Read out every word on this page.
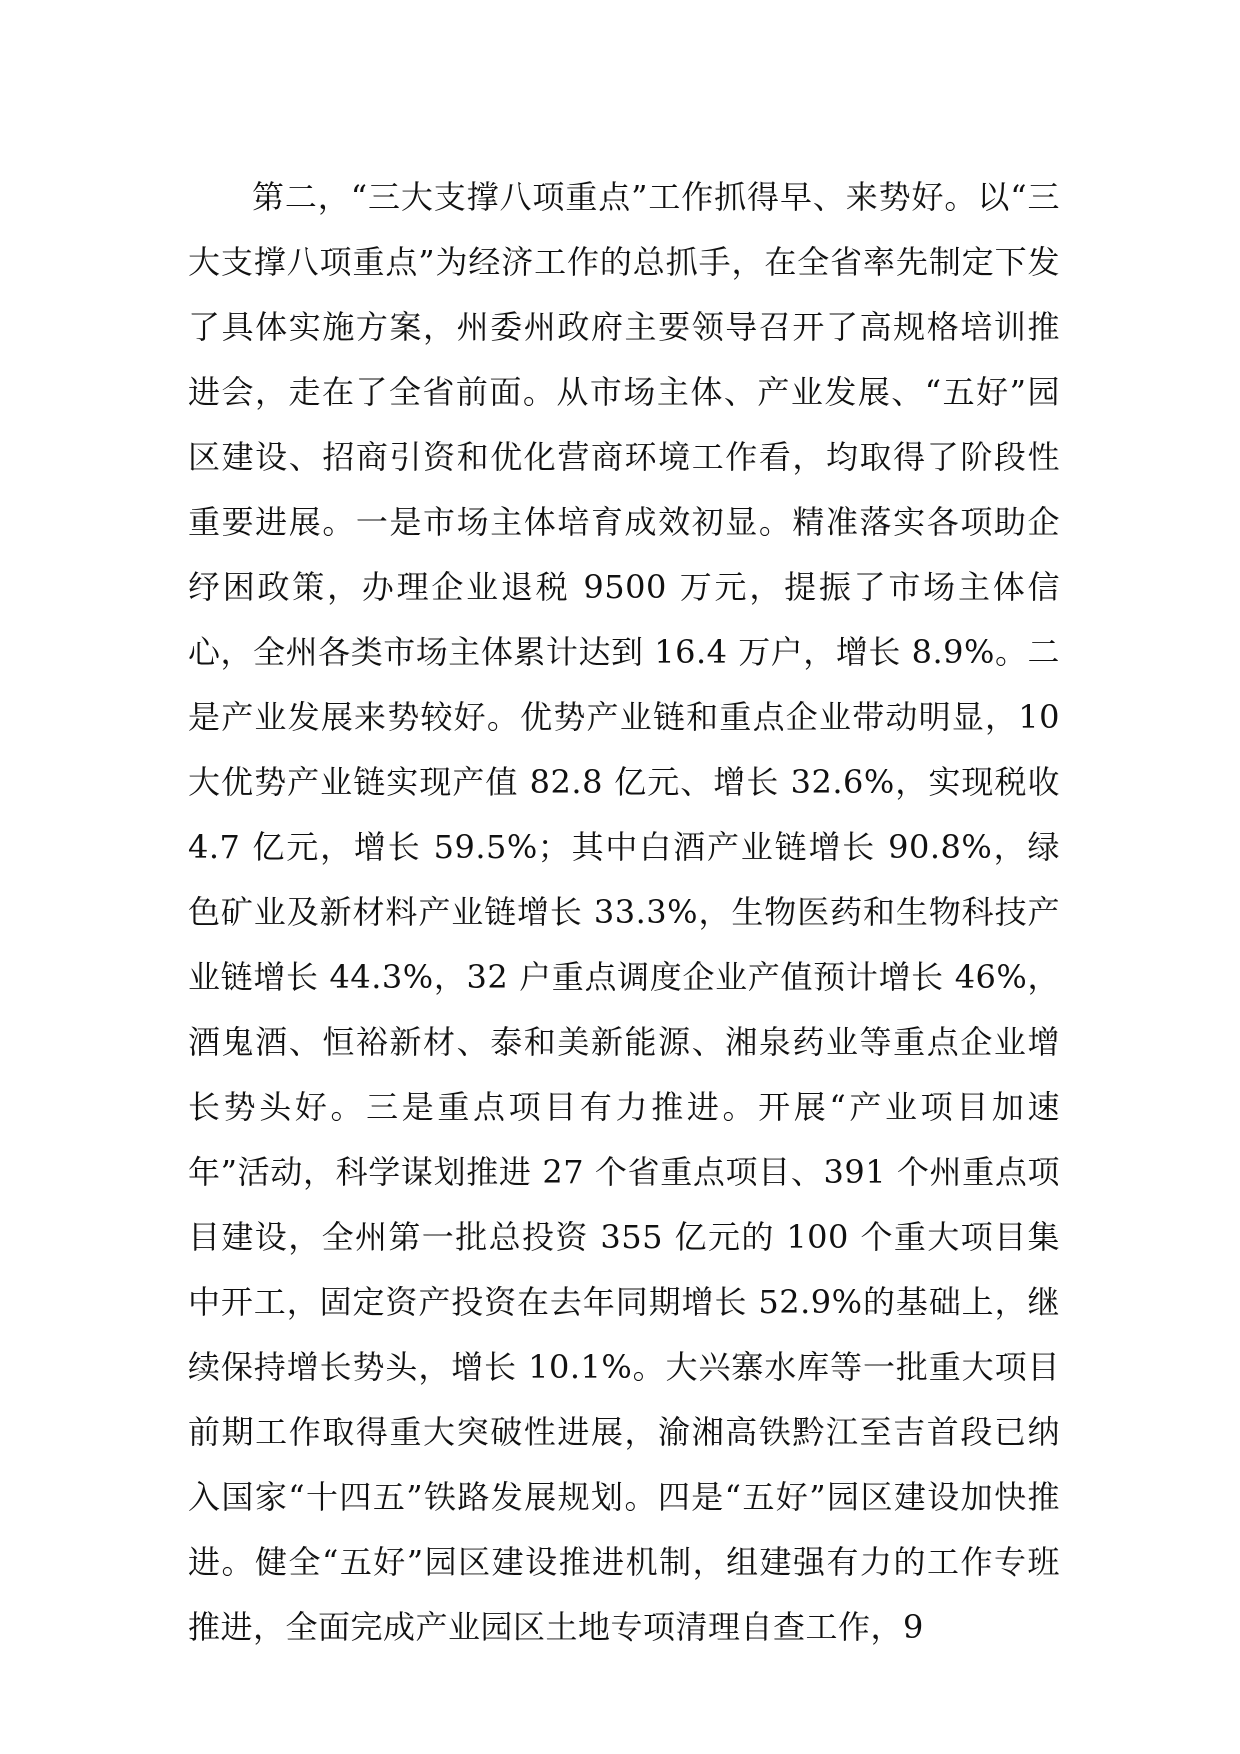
第二，“三大支撑八项重点”工作抓得早、来势好。以“三大支撑八项重点”为经济工作的总抓手，在全省率先制定下发了具体实施方案，州委州政府主要领导召开了高规格培训推进会，走在了全省前面。从市场主体、产业发展、“五好”园区建设、招商引资和优化营商环境工作看，均取得了阶段性重要进展。一是市场主体培育成效初显。精准落实各项助企纾困政策，办理企业退税 9500 万元，提振了市场主体信心，全州各类市场主体累计达到 16.4 万户，增长 8.9%。二是产业发展来势较好。优势产业链和重点企业带动明显，10 大优势产业链实现产值 82.8 亿元、增长 32.6%，实现税收 4.7 亿元，增长 59.5%；其中白酒产业链增长 90.8%，绿色矿业及新材料产业链增长 33.3%，生物医药和生物科技产业链增长 44.3%，32 户重点调度企业产值预计增长 46%，酒鬼酒、恒裕新材、泰和美新能源、湘泉药业等重点企业增长势头好。三是重点项目有力推进。开展“产业项目加速年”活动，科学谋划推进 27 个省重点项目、391 个州重点项目建设，全州第一批总投资 355 亿元的 100 个重大项目集中开工，固定资产投资在去年同期增长 52.9%的基础上，继续保持增长势头，增长 10.1%。大兴寨水库等一批重大项目前期工作取得重大突破性进展，渝湘高铁黔江至吉首段已纳入国家“十四五”铁路发展规划。四是“五好”园区建设加快推进。健全“五好”园区建设推进机制，组建强有力的工作专班推进，全面完成产业园区土地专项清理自查工作，9
